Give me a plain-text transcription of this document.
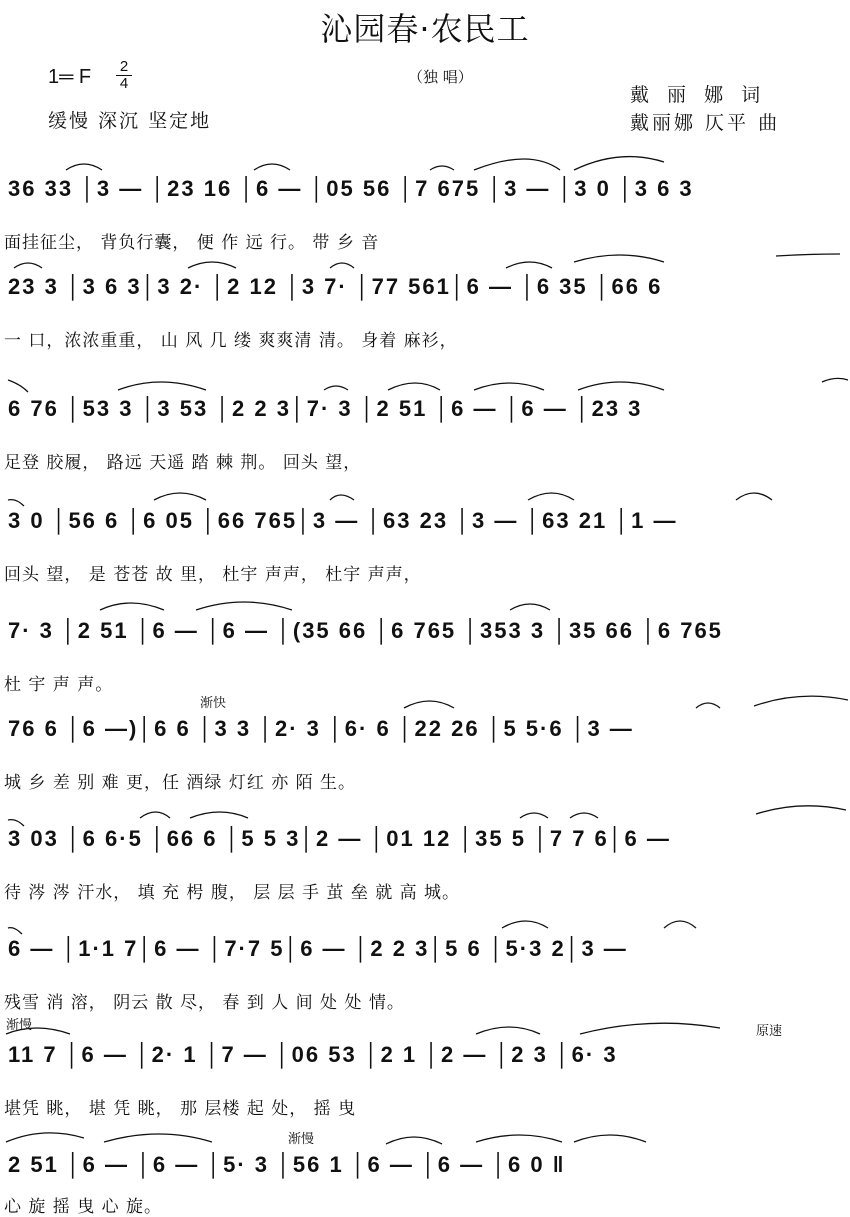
沁园春·农民工
（独 唱）
1═ F 2
4
缓慢 深沉 坚定地
戴 丽 娜 词
戴丽娜 仄平 曲
36 33 │3 — │23 16 │6 — │05 56 │7 675 │3 — │3 0 │3 6 3
面挂征尘， 背负行囊， 便 作 远 行。 带 乡 音
23 3 │3 6 3│3 2· │2 12 │3 7· │77 561│6 — │6 35 │66 6
一 口，浓浓重重， 山 风 几 缕 爽爽清 清。 身着 麻衫，
6 76 │53 3 │3 53 │2 2 3│7· 3 │2 51 │6 — │6 — │23 3
足登 胶履， 路远 天遥 踏 棘 荆。 回头 望，
3 0 │56 6 │6 05 │66 765│3 — │63 23 │3 — │63 21 │1 —
回头 望， 是 苍苍 故 里， 杜宇 声声， 杜宇 声声，
7· 3 │2 51 │6 — │6 — │(35 66 │6 765 │353 3 │35 66 │6 765
杜 宇 声 声。
渐快
76 6 │6 —)│6 6 │3 3 │2· 3 │6· 6 │22 26 │5 5·6 │3 —
城 乡 差 别 难 更，任 酒绿 灯红 亦 陌 生。
3 03 │6 6·5 │66 6 │5 5 3│2 — │01 12 │35 5 │7 7 6│6 —
待 涔 涔 汗水， 填 充 枵 腹， 层 层 手 茧 垒 就 高 城。
6 — │1·1 7│6 — │7·7 5│6 — │2 2 3│5 6 │5·3 2│3 —
残雪 消 溶， 阴云 散 尽， 春 到 人 间 处 处 情。
渐慢	原速
11 7 │6 — │2· 1 │7 — │06 53 │2 1 │2 — │2 3 │6· 3
堪凭 眺， 堪 凭 眺， 那 层楼 起 处， 摇 曳
渐慢
2 51 │6 — │6 — │5· 3 │56 1 │6 — │6 — │6 0 ‖
心 旋 摇 曳 心 旋。
